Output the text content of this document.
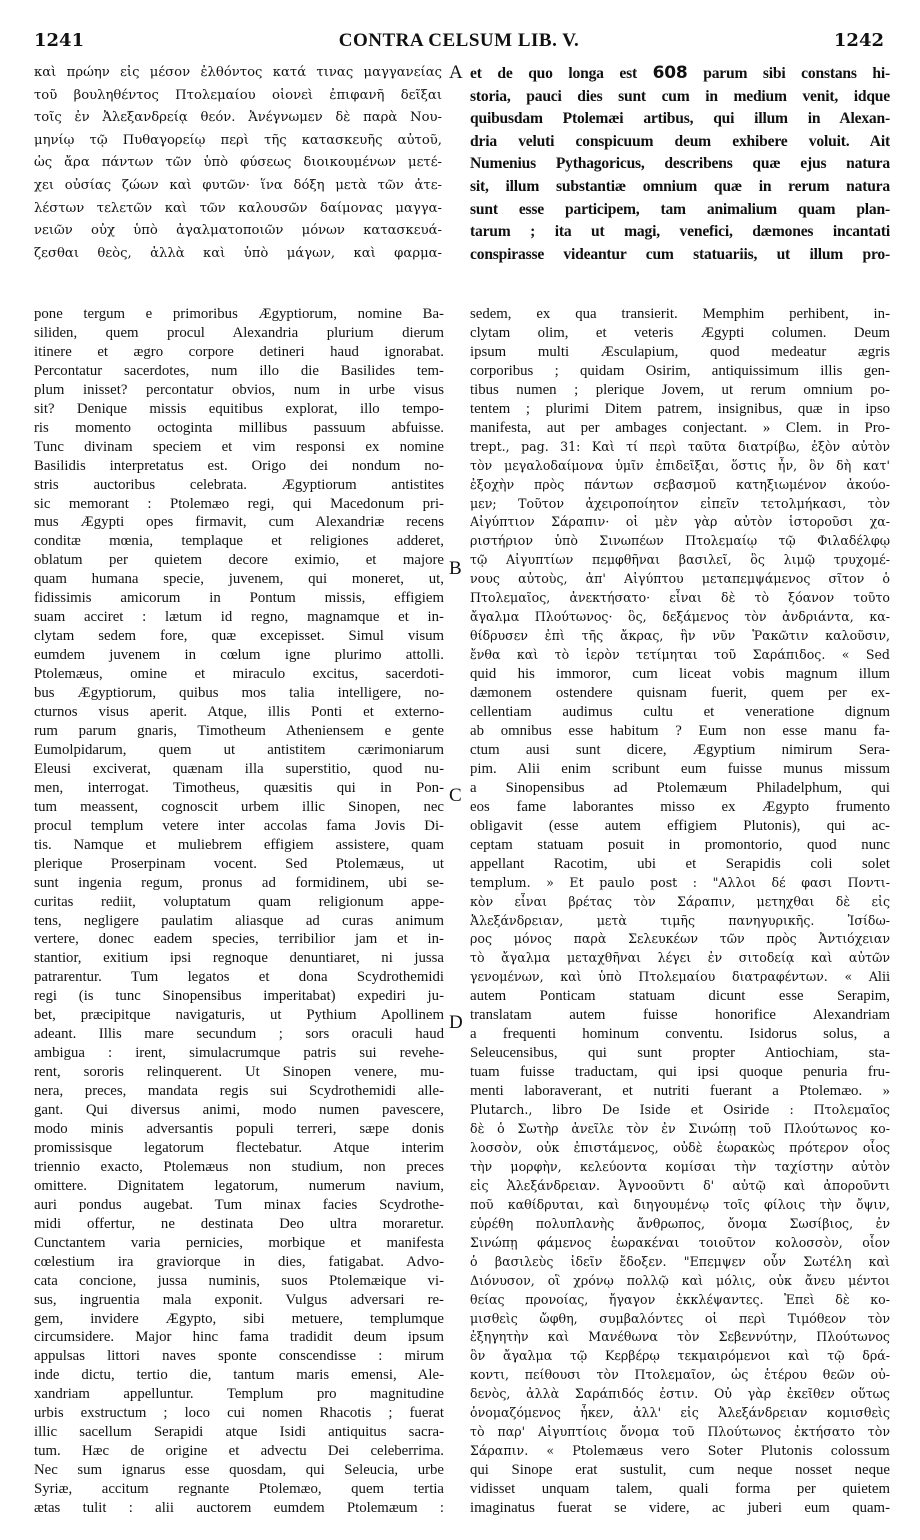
1241	CONTRA CELSUM LIB. V.	1242
καὶ πρώην εἰς μέσον ἐλθόντος κατά τινας μαγγανείας
τοῦ βουληθέντος Πτολεμαίου οἱονεὶ ἐπιφανῆ δεῖξαι
τοῖς ἐν Ἀλεξανδρείᾳ θεόν. Ἀνέγνωμεν δὲ παρὰ Νου-
μηνίῳ τῷ Πυθαγορείῳ περὶ τῆς κατασκευῆς αὐτοῦ,
ὡς ἄρα πάντων τῶν ὑπὸ φύσεως διοικουμένων μετέ-
χει οὐσίας ζώων καὶ φυτῶν· ἵνα δόξη μετὰ τῶν ἀτε-
λέστων τελετῶν καὶ τῶν καλουσῶν δαίμονας μαγγα-
νειῶν οὐχ ὑπὸ ἀγαλματοποιῶν μόνων κατασκευά-
ζεσθαι θεὸς, ἀλλὰ καὶ ὑπὸ μάγων, καὶ φαρμα-
et de quo longa est 608 parum sibi constans hi-
storia, pauci dies sunt cum in medium venit, idque
quibusdam Ptolemæi artibus, qui illum in Alexan-
dria veluti conspicuum deum exhibere voluit. Ait
Numenius Pythagoricus, describens quæ ejus natura
sit, illum substantiæ omnium quæ in rerum natura
sunt esse participem, tam animalium quam plan-
tarum ; ita ut magi, venefici, dæmones incantati
conspirasse videantur cum statuariis, ut illum pro-
A
B
C
D
pone tergum e primoribus Ægyptiorum, nomine Ba-
siliden, quem procul Alexandria plurium dierum
itinere et ægro corpore detineri haud ignorabat.
Percontatur sacerdotes, num illo die Basilides tem-
plum inisset? percontatur obvios, num in urbe visus
sit? Denique missis equitibus explorat, illo tempo-
ris momento octoginta millibus passuum abfuisse.
Tunc divinam speciem et vim responsi ex nomine
Basilidis interpretatus est. Origo dei nondum no-
stris auctoribus celebrata. Ægyptiorum antistites
sic memorant : Ptolemæo regi, qui Macedonum pri-
mus Ægypti opes firmavit, cum Alexandriæ recens
conditæ mœnia, templaque et religiones adderet,
oblatum per quietem decore eximio, et majore
quam humana specie, juvenem, qui moneret, ut,
fidissimis amicorum in Pontum missis, effigiem
suam acciret : lætum id regno, magnamque et in-
clytam sedem fore, quæ excepisset. Simul visum
eumdem juvenem in cœlum igne plurimo attolli.
Ptolemæus, omine et miraculo excitus, sacerdoti-
bus Ægyptiorum, quibus mos talia intelligere, no-
cturnos visus aperit. Atque, illis Ponti et externo-
rum parum gnaris, Timotheum Atheniensem e gente
Eumolpidarum, quem ut antistitem cærimoniarum
Eleusi exciverat, quænam illa superstitio, quod nu-
men, interrogat. Timotheus, quæsitis qui in Pon-
tum meassent, cognoscit urbem illic Sinopen, nec
procul templum vetere inter accolas fama Jovis Di-
tis. Namque et muliebrem effigiem assistere, quam
plerique Proserpinam vocent. Sed Ptolemæus, ut
sunt ingenia regum, pronus ad formidinem, ubi se-
curitas rediit, voluptatum quam religionum appe-
tens, negligere paulatim aliasque ad curas animum
vertere, donec eadem species, terribilior jam et in-
stantior, exitium ipsi regnoque denuntiaret, ni jussa
patrarentur. Tum legatos et dona Scydrothemidi
regi (is tunc Sinopensibus imperitabat) expediri ju-
bet, præcipitque navigaturis, ut Pythium Apollinem
adeant. Illis mare secundum ; sors oraculi haud
ambigua : irent, simulacrumque patris sui revehe-
rent, sororis relinquerent. Ut Sinopen venere, mu-
nera, preces, mandata regis sui Scydrothemidi alle-
gant. Qui diversus animi, modo numen pavescere,
modo minis adversantis populi terreri, sæpe donis
promissisque legatorum flectebatur. Atque interim
triennio exacto, Ptolemæus non studium, non preces
omittere. Dignitatem legatorum, numerum navium,
auri pondus augebat. Tum minax facies Scydrothe-
midi offertur, ne destinata Deo ultra moraretur.
Cunctantem varia pernicies, morbique et manifesta
cœlestium ira graviorque in dies, fatigabat. Advo-
cata concione, jussa numinis, suos Ptolemæique vi-
sus, ingruentia mala exponit. Vulgus adversari re-
gem, invidere Ægypto, sibi metuere, templumque
circumsidere. Major hinc fama tradidit deum ipsum
appulsas littori naves sponte conscendisse : mirum
inde dictu, tertio die, tantum maris emensi, Ale-
xandriam appelluntur. Templum pro magnitudine
urbis exstructum ; loco cui nomen Rhacotis ; fuerat
illic sacellum Serapidi atque Isidi antiquitus sacra-
tum. Hæc de origine et advectu Dei celeberrima.
Nec sum ignarus esse quosdam, qui Seleucia, urbe
Syriæ, accitum regnante Ptolemæo, quem tertia
ætas tulit : alii auctorem eumdem Ptolemæum :
sedem, ex qua transierit. Memphim perhibent, in-
clytam olim, et veteris Ægypti columen. Deum
ipsum multi Æsculapium, quod medeatur ægris
corporibus ; quidam Osirim, antiquissimum illis gen-
tibus numen ; plerique Jovem, ut rerum omnium po-
tentem ; plurimi Ditem patrem, insignibus, quæ in ipso
manifesta, aut per ambages conjectant. » Clem. in Pro-
trept., pag. 31: Καὶ τί περὶ ταῦτα διατρίβω, ἐξὸν αὐτὸν
τὸν μεγαλοδαίμονα ὑμῖν ἐπιδεῖξαι, ὅστις ἦν, ὃν δὴ κατ'
ἐξοχὴν πρὸς πάντων σεβασμοῦ κατηξιωμένον ἀκούο-
μεν; Τοῦτον ἀχειροποίητον εἰπεῖν τετολμήκασι, τὸν
Αἰγύπτιον Σάραπιν· οἱ μὲν γὰρ αὐτὸν ἱστοροῦσι χα-
ριστήριον ὑπὸ Σινωπέων Πτολεμαίῳ τῷ Φιλαδέλφῳ
τῷ Αἰγυπτίων πεμφθῆναι βασιλεῖ, ὃς λιμῷ τρυχομέ-
νους αὐτοὺς, ἀπ' Αἰγύπτου μεταπεμψάμενος σῖτον ὁ
Πτολεμαῖος, ἀνεκτήσατο· εἶναι δὲ τὸ ξόανον τοῦτο
ἄγαλμα Πλούτωνος· ὃς, δεξάμενος τὸν ἀνδριάντα, κα-
θίδρυσεν ἐπὶ τῆς ἄκρας, ἣν νῦν Ῥακῶτιν καλοῦσιν,
ἔνθα καὶ τὸ ἱερὸν τετίμηται τοῦ Σαράπιδος. « Sed
quid his immoror, cum liceat vobis magnum illum
dæmonem ostendere quisnam fuerit, quem per ex-
cellentiam audimus cultu et veneratione dignum
ab omnibus esse habitum ? Eum non esse manu fa-
ctum ausi sunt dicere, Ægyptium nimirum Sera-
pim. Alii enim scribunt eum fuisse munus missum
a Sinopensibus ad Ptolemæum Philadelphum, qui
eos fame laborantes misso ex Ægypto frumento
obligavit (esse autem effigiem Plutonis), qui ac-
ceptam statuam posuit in promontorio, quod nunc
appellant Racotim, ubi et Serapidis coli solet
templum. » Et paulo post : "Αλλοι δέ φασι Ποντι-
κὸν εἶναι βρέτας τὸν Σάραπιν, μετηχθαι δὲ εἰς
Ἀλεξάνδρειαν, μετὰ τιμῆς πανηγυρικῆς. Ἰσίδω-
ρος μόνος παρὰ Σελευκέων τῶν πρὸς Ἀντιόχειαν
τὸ ἄγαλμα μεταχθῆναι λέγει ἐν σιτοδείᾳ καὶ αὐτῶν
γενομένων, καὶ ὑπὸ Πτολεμαίου διατραφέντων. « Alii
autem Ponticam statuam dicunt esse Serapim,
translatam autem fuisse honorifice Alexandriam
a frequenti hominum conventu. Isidorus solus, a
Seleucensibus, qui sunt propter Antiochiam, sta-
tuam fuisse traductam, qui ipsi quoque penuria fru-
menti laboraverant, et nutriti fuerant a Ptolemæo. »
Plutarch., libro De Iside et Osiride : Πτολεμαῖος
δὲ ὁ Σωτὴρ ἀνεῖλε τὸν ἐν Σινώπῃ τοῦ Πλούτωνος κο-
λοσσὸν, οὐκ ἐπιστάμενος, οὐδὲ ἑωρακὼς πρότερον οἷος
τὴν μορφὴν, κελεύοντα κομίσαι τὴν ταχίστην αὐτὸν
εἰς Ἀλεξάνδρειαν. Ἀγνοοῦντι δ' αὐτῷ καὶ ἀποροῦντι
ποῦ καθίδρυται, καὶ διηγουμένῳ τοῖς φίλοις τὴν ὄψιν,
εὑρέθη πολυπλανὴς ἄνθρωπος, ὄνομα Σωσίβιος, ἐν
Σινώπῃ φάμενος ἑωρακέναι τοιοῦτον κολοσσὸν, οἷον
ὁ βασιλεὺς ἰδεῖν ἔδοξεν. "Επεμψεν οὖν Σωτέλη καὶ
Διόνυσον, οἳ χρόνῳ πολλῷ καὶ μόλις, οὐκ ἄνευ μέντοι
θείας προνοίας, ἤγαγον ἐκκλέψαντες. Ἐπεὶ δὲ κο-
μισθεὶς ὤφθη, συμβαλόντες οἱ περὶ Τιμόθεον τὸν
ἐξηγητὴν καὶ Μανέθωνα τὸν Σεβεννύτην, Πλούτωνος
ὃν ἄγαλμα τῷ Κερβέρῳ τεκμαιρόμενοι καὶ τῷ δρά-
κοντι, πείθουσι τὸν Πτολεμαῖον, ὡς ἑτέρου θεῶν οὐ-
δενὸς, ἀλλὰ Σαράπιδός ἐστιν. Οὐ γὰρ ἐκεῖθεν οὕτως
ὀνομαζόμενος ἧκεν, ἀλλ' εἰς Ἀλεξάνδρειαν κομισθεὶς
τὸ παρ' Αἰγυπτίοις ὄνομα τοῦ Πλούτωνος ἐκτήσατο τὸν
Σάραπιν. « Ptolemæus vero Soter Plutonis colossum
qui Sinope erat sustulit, cum neque nosset neque
vidisset unquam talem, quali forma per quietem
imaginatus fuerat se videre, ac juberi eum quam-
